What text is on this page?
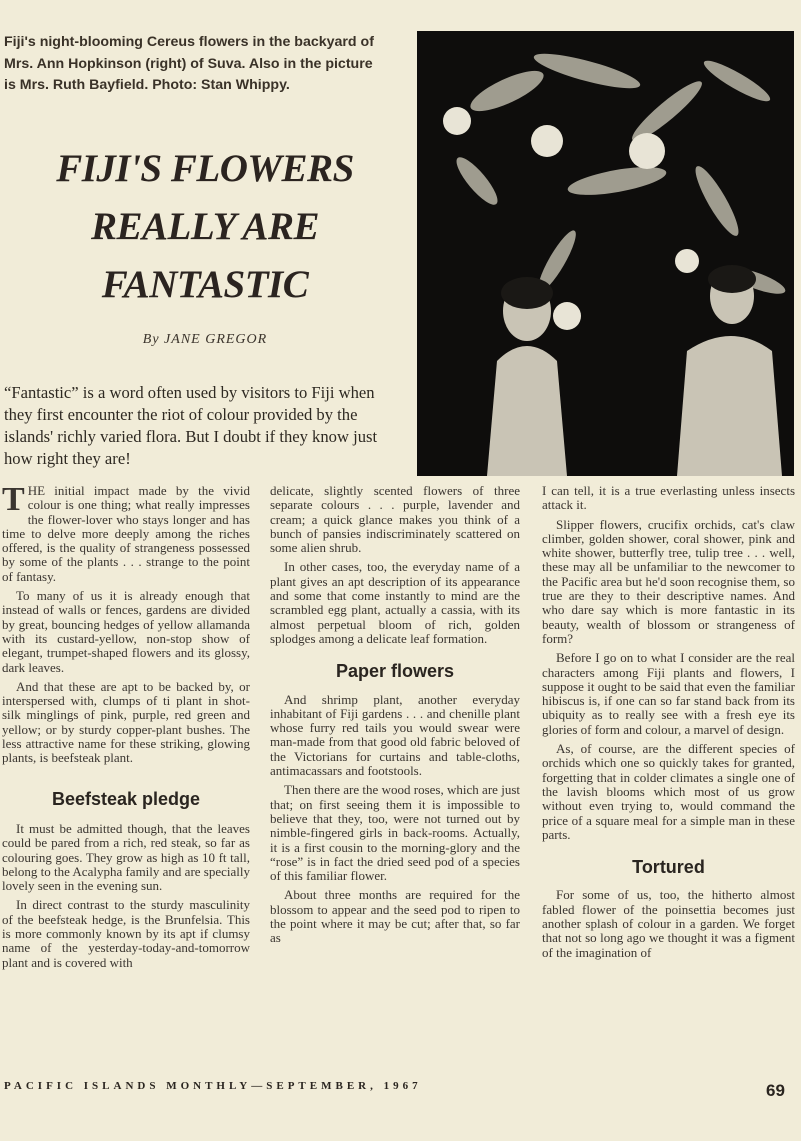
Fiji's night-blooming Cereus flowers in the backyard of Mrs. Ann Hopkinson (right) of Suva. Also in the picture is Mrs. Ruth Bayfield. Photo: Stan Whippy.
FIJI'S FLOWERS
REALLY ARE
FANTASTIC
By JANE GREGOR
“Fantastic” is a word often used by visitors to Fiji when they first encounter the riot of colour provided by the islands' richly varied flora. But I doubt if they know just how right they are!

THE initial impact made by the vivid colour is one thing; what really impresses the flower-lover who stays longer and has time to delve more deeply among the riches offered, is the quality of strangeness possessed by some of the plants . . . strange to the point of fantasy.

To many of us it is already enough that instead of walls or fences, gardens are divided by great, bouncing hedges of yellow allamanda with its custard-yellow, non-stop show of elegant, trumpet-shaped flowers and its glossy, dark leaves.

And that these are apt to be backed by, or interspersed with, clumps of ti plant in shot-silk minglings of pink, purple, red green and yellow; or by sturdy copper-plant bushes. The less attractive name for these striking, glowing plants, is beefsteak plant.

Beefsteak pledge

It must be admitted though, that the leaves could be pared from a rich, red steak, so far as colouring goes. They grow as high as 10 ft tall, belong to the Acalypha family and are specially lovely seen in the evening sun.

In direct contrast to the sturdy masculinity of the beefsteak hedge, is the Brunfelsia. This is more commonly known by its apt if clumsy name of the yesterday-today-and-tomorrow plant and is covered with

delicate, slightly scented flowers of three separate colours . . . purple, lavender and cream; a quick glance makes you think of a bunch of pansies indiscriminately scattered on some alien shrub.

In other cases, too, the everyday name of a plant gives an apt description of its appearance and some that come instantly to mind are the scrambled egg plant, actually a cassia, with its almost perpetual bloom of rich, golden splodges among a delicate leaf formation.

Paper flowers

And shrimp plant, another everyday inhabitant of Fiji gardens . . . and chenille plant whose furry red tails you would swear were man-made from that good old fabric beloved of the Victorians for curtains and table-cloths, antimacassars and footstools.

Then there are the wood roses, which are just that; on first seeing them it is impossible to believe that they, too, were not turned out by nimble-fingered girls in back-rooms. Actually, it is a first cousin to the morning-glory and the “rose” is in fact the dried seed pod of a species of this familiar flower.

About three months are required for the blossom to appear and the seed pod to ripen to the point where it may be cut; after that, so far as

I can tell, it is a true everlasting unless insects attack it.

Slipper flowers, crucifix orchids, cat's claw climber, golden shower, coral shower, pink and white shower, butterfly tree, tulip tree . . . well, these may all be unfamiliar to the newcomer to the Pacific area but he'd soon recognise them, so true are they to their descriptive names. And who dare say which is more fantastic in its beauty, wealth of blossom or strangeness of form?

Before I go on to what I consider are the real characters among Fiji plants and flowers, I suppose it ought to be said that even the familiar hibiscus is, if one can so far stand back from its ubiquity as to really see with a fresh eye its glories of form and colour, a marvel of design.

As, of course, are the different species of orchids which one so quickly takes for granted, forgetting that in colder climates a single one of the lavish blooms which most of us grow without even trying to, would command the price of a square meal for a simple man in these parts.

Tortured

For some of us, too, the hitherto almost fabled flower of the poinsettia becomes just another splash of colour in a garden. We forget that not so long ago we thought it was a figment of the imagination of

PACIFIC ISLANDS MONTHLY—SEPTEMBER, 1967	69
